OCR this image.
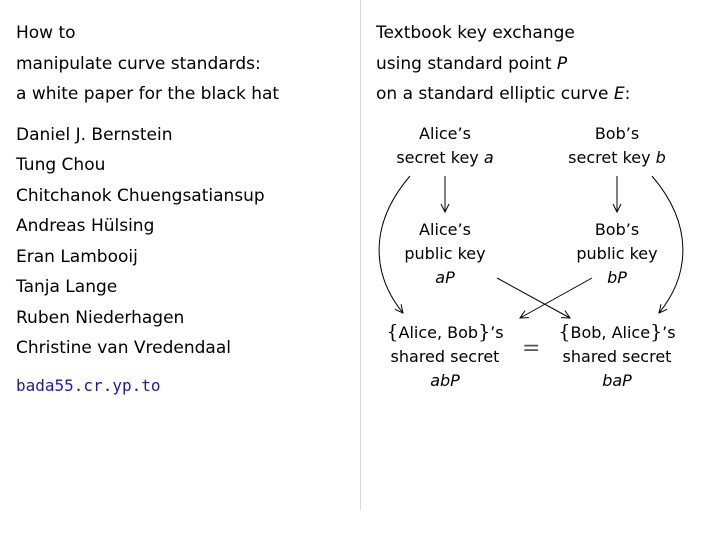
How to
manipulate curve standards:
a white paper for the black hat
Daniel J. Bernstein
Tung Chou
Chitchanok Chuengsatiansup
Andreas Hülsing
Eran Lambooij
Tanja Lange
Ruben Niederhagen
Christine van Vredendaal
bada55.cr.yp.to
Textbook key exchange
using standard point P
on a standard elliptic curve E:
Alice’s
secret key a
Bob’s
secret key b
Alice’s
public key
aP
Bob’s
public key
bP
{Alice, Bob}’s
shared secret
abP
=
{Bob, Alice}’s
shared secret
baP
